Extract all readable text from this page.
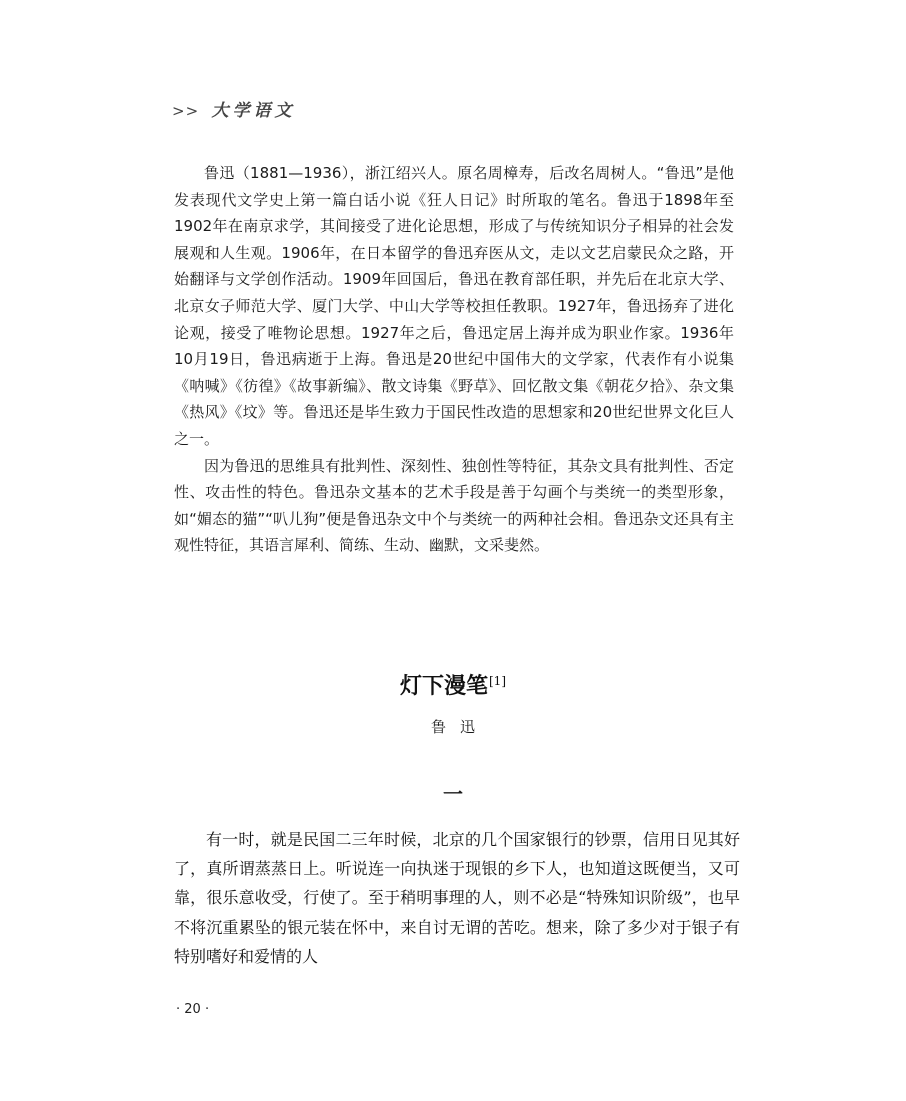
>> 大学语文

鲁迅（1881—1936），浙江绍兴人。原名周樟寿，后改名周树人。“鲁迅”是他发表现代文学史上第一篇白话小说《狂人日记》时所取的笔名。鲁迅于1898年至1902年在南京求学，其间接受了进化论思想，形成了与传统知识分子相异的社会发展观和人生观。1906年，在日本留学的鲁迅弃医从文，走以文艺启蒙民众之路，开始翻译与文学创作活动。1909年回国后，鲁迅在教育部任职，并先后在北京大学、北京女子师范大学、厦门大学、中山大学等校担任教职。1927年，鲁迅扬弃了进化论观，接受了唯物论思想。1927年之后，鲁迅定居上海并成为职业作家。1936年10月19日，鲁迅病逝于上海。鲁迅是20世纪中国伟大的文学家，代表作有小说集《呐喊》《彷徨》《故事新编》、散文诗集《野草》、回忆散文集《朝花夕拾》、杂文集《热风》《坟》等。鲁迅还是毕生致力于国民性改造的思想家和20世纪世界文化巨人之一。

因为鲁迅的思维具有批判性、深刻性、独创性等特征，其杂文具有批判性、否定性、攻击性的特色。鲁迅杂文基本的艺术手段是善于勾画个与类统一的类型形象，如“媚态的猫”“叭儿狗”便是鲁迅杂文中个与类统一的两种社会相。鲁迅杂文还具有主观性特征，其语言犀利、简练、生动、幽默，文采斐然。

灯下漫笔[1]
鲁迅
一

有一时，就是民国二三年时候，北京的几个国家银行的钞票，信用日见其好了，真所谓蒸蒸日上。听说连一向执迷于现银的乡下人，也知道这既便当，又可靠，很乐意收受，行使了。至于稍明事理的人，则不必是“特殊知识阶级”，也早不将沉重累坠的银元装在怀中，来自讨无谓的苦吃。想来，除了多少对于银子有特别嗜好和爱情的人

· 20 ·
